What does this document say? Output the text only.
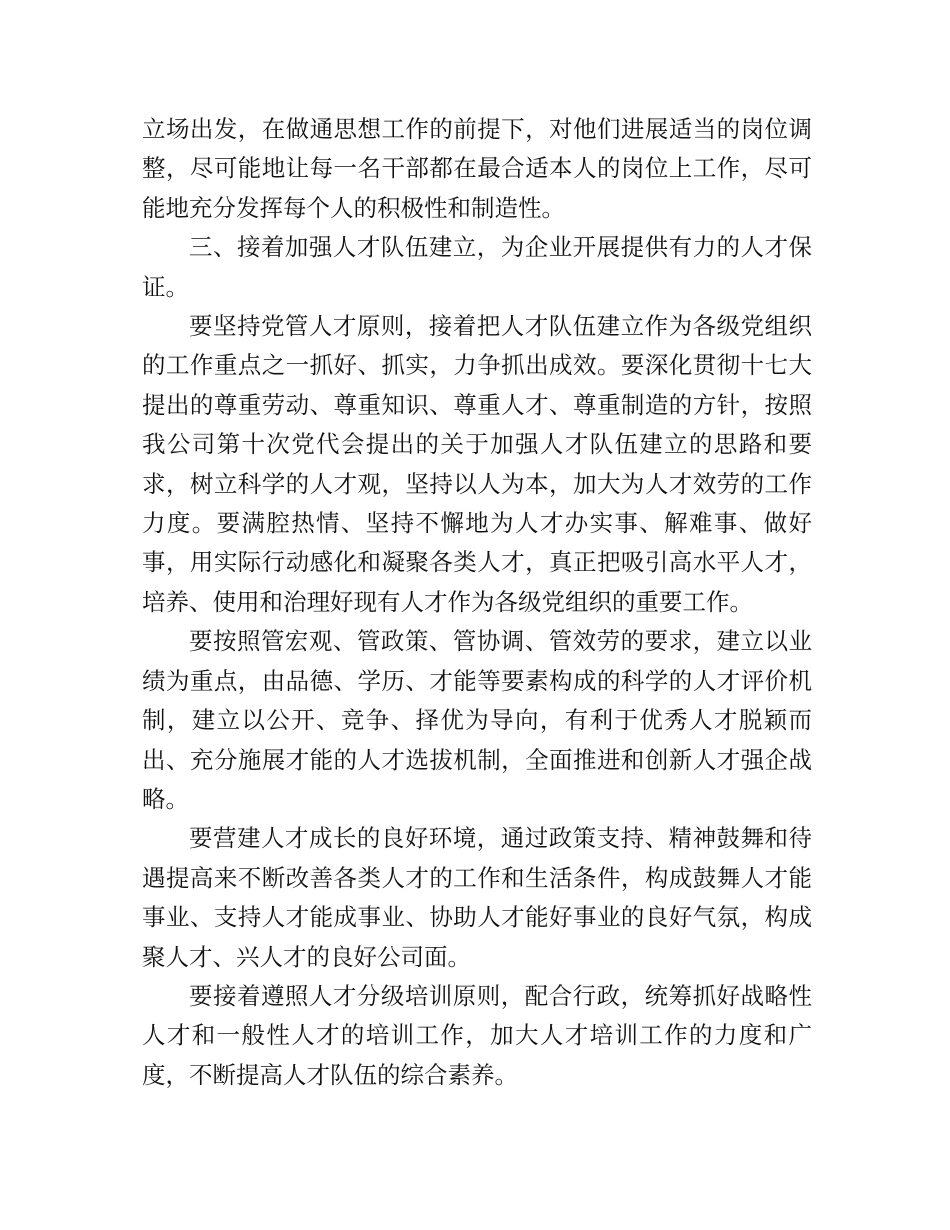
立场出发，在做通思想工作的前提下，对他们进展适当的岗位调整，尽可能地让每一名干部都在最合适本人的岗位上工作，尽可能地充分发挥每个人的积极性和制造性。

三、接着加强人才队伍建立，为企业开展提供有力的人才保证。

要坚持党管人才原则，接着把人才队伍建立作为各级党组织的工作重点之一抓好、抓实，力争抓出成效。要深化贯彻十七大提出的尊重劳动、尊重知识、尊重人才、尊重制造的方针，按照我公司第十次党代会提出的关于加强人才队伍建立的思路和要求，树立科学的人才观，坚持以人为本，加大为人才效劳的工作力度。要满腔热情、坚持不懈地为人才办实事、解难事、做好事，用实际行动感化和凝聚各类人才，真正把吸引高水平人才，培养、使用和治理好现有人才作为各级党组织的重要工作。

要按照管宏观、管政策、管协调、管效劳的要求，建立以业绩为重点，由品德、学历、才能等要素构成的科学的人才评价机制，建立以公开、竞争、择优为导向，有利于优秀人才脱颖而出、充分施展才能的人才选拔机制，全面推进和创新人才强企战略。

要营建人才成长的良好环境，通过政策支持、精神鼓舞和待遇提高来不断改善各类人才的工作和生活条件，构成鼓舞人才能事业、支持人才能成事业、协助人才能好事业的良好气氛，构成聚人才、兴人才的良好公司面。

要接着遵照人才分级培训原则，配合行政，统筹抓好战略性人才和一般性人才的培训工作，加大人才培训工作的力度和广度，不断提高人才队伍的综合素养。
